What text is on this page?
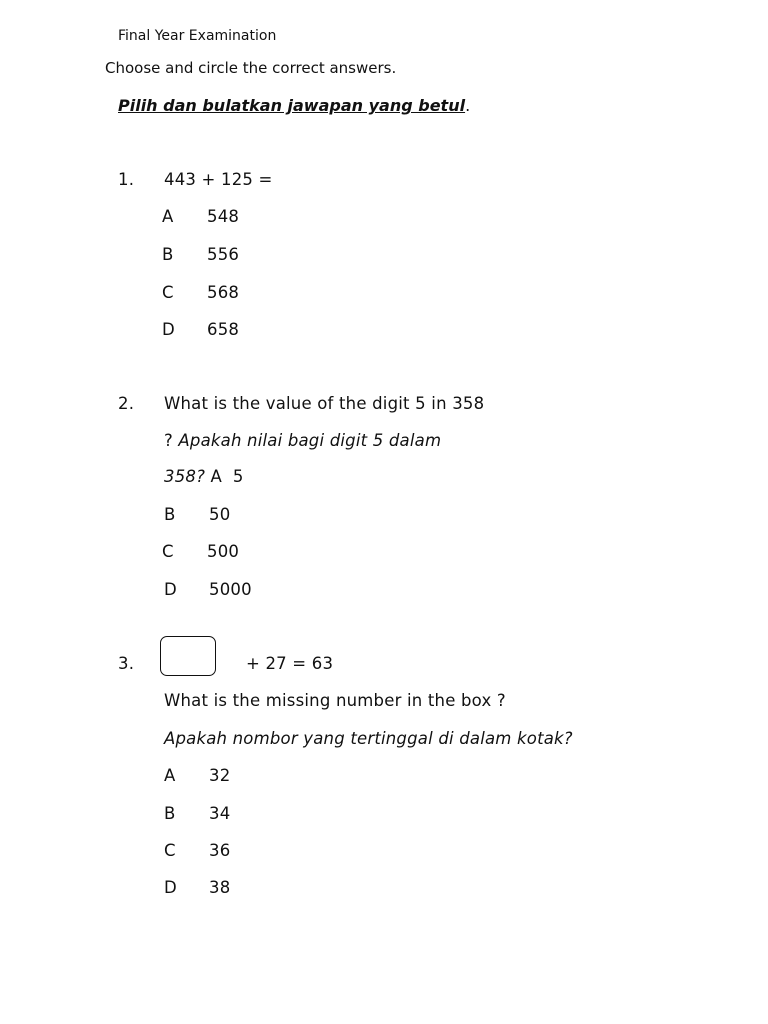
Final Year Examination
Choose and circle the correct answers.
Pilih dan bulatkan jawapan yang betul.
1. 443 + 125 =
A 548
B 556
C 568
D 658
2. What is the value of the digit 5 in 358
? Apakah nilai bagi digit 5 dalam
358? A 5
B 50
C 500
D 5000
3.	+ 27 = 63
What is the missing number in the box ?
Apakah nombor yang tertinggal di dalam kotak?
A 32
B 34
C 36
D 38
